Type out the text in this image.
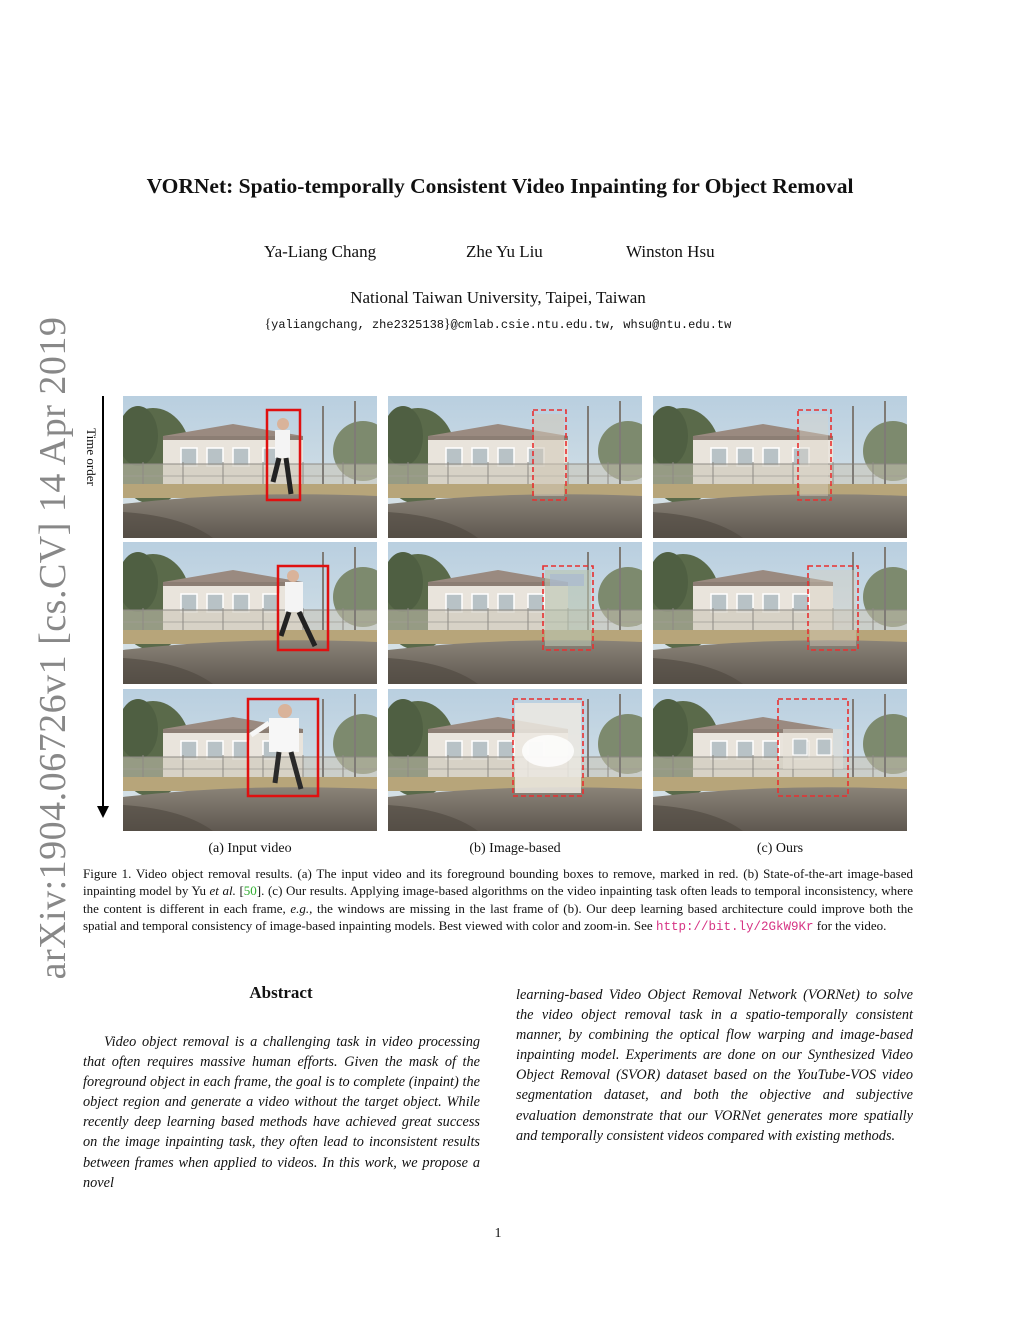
arXiv:1904.06726v1 [cs.CV] 14 Apr 2019
VORNet: Spatio-temporally Consistent Video Inpainting for Object Removal
Ya-Liang Chang	Zhe Yu Liu	Winston Hsu
National Taiwan University, Taipei, Taiwan
{yaliangchang, zhe2325138}@cmlab.csie.ntu.edu.tw, whsu@ntu.edu.tw
Time order
(a) Input video	(b) Image-based	(c) Ours
Figure 1. Video object removal results. (a) The input video and its foreground bounding boxes to remove, marked in red. (b) State-of-the-art image-based inpainting model by Yu et al. [50]. (c) Our results. Applying image-based algorithms on the video inpainting task often leads to temporal inconsistency, where the content is different in each frame, e.g., the windows are missing in the last frame of (b). Our deep learning based architecture could improve both the spatial and temporal consistency of image-based inpainting models. Best viewed with color and zoom-in. See http://bit.ly/2GkW9Kr for the video.
Abstract
Video object removal is a challenging task in video processing that often requires massive human efforts. Given the mask of the foreground object in each frame, the goal is to complete (inpaint) the object region and generate a video without the target object. While recently deep learning based methods have achieved great success on the image inpainting task, they often lead to inconsistent results between frames when applied to videos. In this work, we propose a novel
learning-based Video Object Removal Network (VORNet) to solve the video object removal task in a spatio-temporally consistent manner, by combining the optical flow warping and image-based inpainting model. Experiments are done on our Synthesized Video Object Removal (SVOR) dataset based on the YouTube-VOS video segmentation dataset, and both the objective and subjective evaluation demonstrate that our VORNet generates more spatially and temporally consistent videos compared with existing methods.
1
